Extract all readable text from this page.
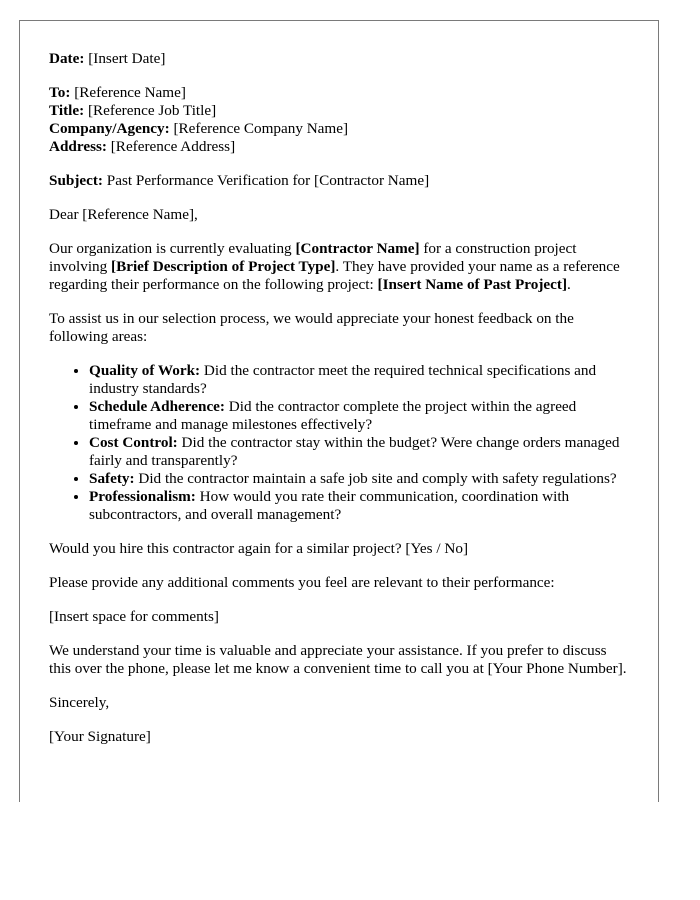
Date: [Insert Date]

To: [Reference Name]
Title: [Reference Job Title]
Company/Agency: [Reference Company Name]
Address: [Reference Address]

Subject: Past Performance Verification for [Contractor Name]

Dear [Reference Name],

Our organization is currently evaluating [Contractor Name] for a construction project involving [Brief Description of Project Type]. They have provided your name as a reference regarding their performance on the following project: [Insert Name of Past Project].

To assist us in our selection process, we would appreciate your honest feedback on the following areas:

• Quality of Work: Did the contractor meet the required technical specifications and industry standards?
• Schedule Adherence: Did the contractor complete the project within the agreed timeframe and manage milestones effectively?
• Cost Control: Did the contractor stay within the budget? Were change orders managed fairly and transparently?
• Safety: Did the contractor maintain a safe job site and comply with safety regulations?
• Professionalism: How would you rate their communication, coordination with subcontractors, and overall management?

Would you hire this contractor again for a similar project? [Yes / No]

Please provide any additional comments you feel are relevant to their performance:

[Insert space for comments]

We understand your time is valuable and appreciate your assistance. If you prefer to discuss this over the phone, please let me know a convenient time to call you at [Your Phone Number].

Sincerely,

[Your Signature]
